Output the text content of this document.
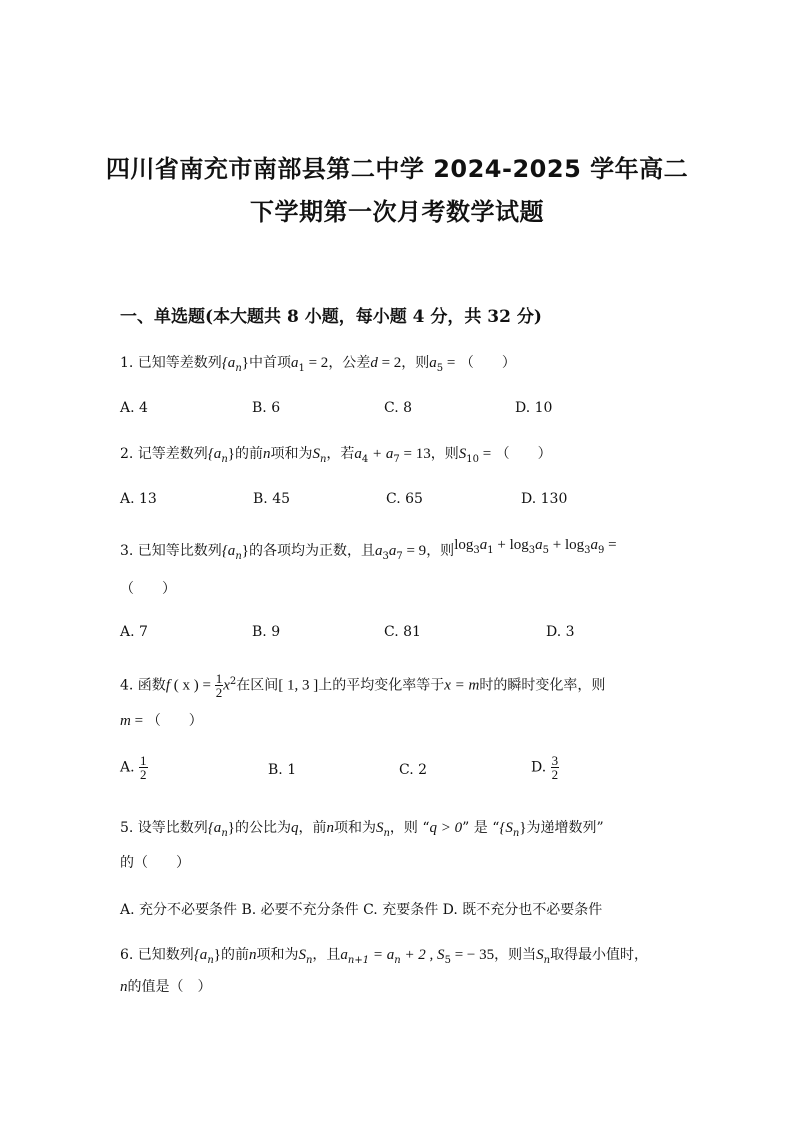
四川省南充市南部县第二中学 2024-2025 学年高二
下学期第一次月考数学试题
一、单选题(本大题共 8 小题，每小题 4 分，共 32 分)
1. 已知等差数列$\{a_n\}$中首项$a_1 = 2$，公差d = 2，则$a_5$ = （　　）
A. 4	B. 6	C. 8	D. 10
2. 记等差数列$\{a_n\}$的前n项和为$S_n$，若$a_4 + a_7 = 13$，则$S_{10}$ = （　　）
A. 13	B. 45	C. 65	D. 130
3. 已知等比数列$\{a_n\}$的各项均为正数，且$a_3a_7 = 9$，则$\log_3a_1 + \log_3a_5 + \log_3a_9$ =
（　　）
A. 7	B. 9	C. 81	D. 3
4. 函数f ( x ) = $\frac{1}{2} x^2$在区间[ 1, 3 ]上的平均变化率等于x = m时的瞬时变化率，则
m = （　　）
A. $\frac{1}{2}$	B. 1	C. 2	D. $\frac{3}{2}$
5. 设等比数列$\{a_n\}$的公比为q，前n项和为$S_n$，则 “q > 0” 是 “$\{S_n\}$为递增数列”
的（　　）
A. 充分不必要条件 B. 必要不充分条件 C. 充要条件 D. 既不充分也不必要条件
6. 已知数列$\{a_n\}$的前n项和为$S_n$，且$a_{n+1} = a_n + 2$ , $S_5$ = − 35，则当$S_n$取得最小值时，
n的值是（　）
